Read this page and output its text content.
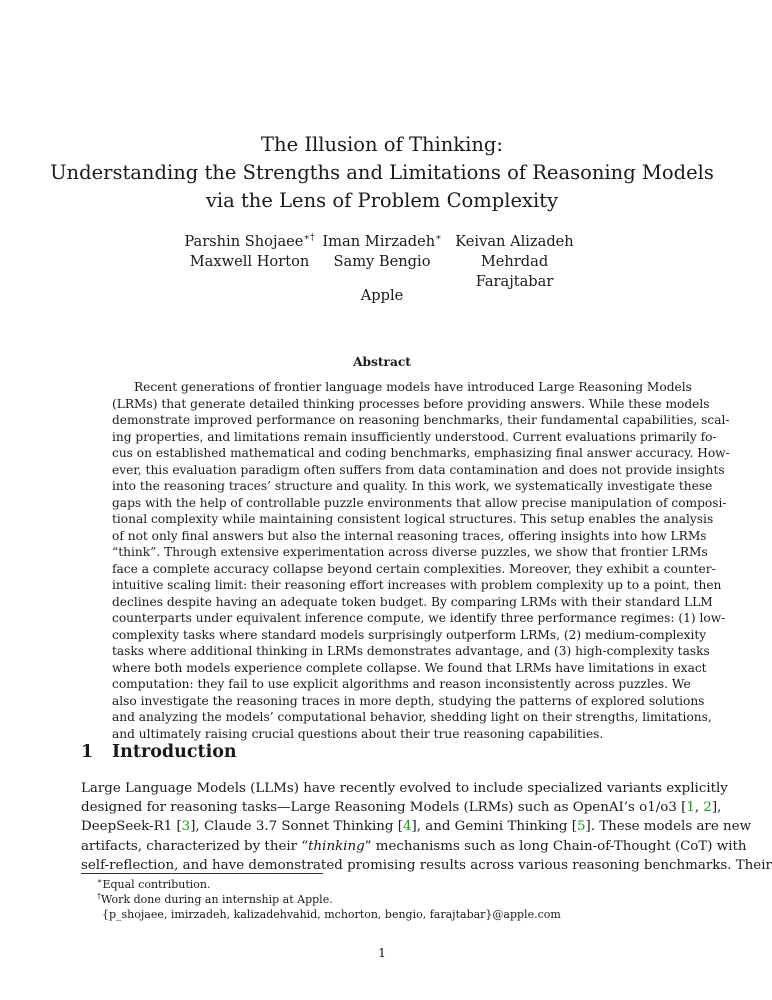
The Illusion of Thinking:
Understanding the Strengths and Limitations of Reasoning Models
via the Lens of Problem Complexity
Parshin Shojaee∗† Iman Mirzadeh∗ Keivan Alizadeh
Maxwell Horton	Samy Bengio	Mehrdad Farajtabar
Apple
Abstract
Recent generations of frontier language models have introduced Large Reasoning Models
(LRMs) that generate detailed thinking processes before providing answers. While these models
demonstrate improved performance on reasoning benchmarks, their fundamental capabilities, scal-
ing properties, and limitations remain insufficiently understood. Current evaluations primarily fo-
cus on established mathematical and coding benchmarks, emphasizing final answer accuracy. How-
ever, this evaluation paradigm often suffers from data contamination and does not provide insights
into the reasoning traces’ structure and quality. In this work, we systematically investigate these
gaps with the help of controllable puzzle environments that allow precise manipulation of composi-
tional complexity while maintaining consistent logical structures. This setup enables the analysis
of not only final answers but also the internal reasoning traces, offering insights into how LRMs
“think”. Through extensive experimentation across diverse puzzles, we show that frontier LRMs
face a complete accuracy collapse beyond certain complexities. Moreover, they exhibit a counter-
intuitive scaling limit: their reasoning effort increases with problem complexity up to a point, then
declines despite having an adequate token budget. By comparing LRMs with their standard LLM
counterparts under equivalent inference compute, we identify three performance regimes: (1) low-
complexity tasks where standard models surprisingly outperform LRMs, (2) medium-complexity
tasks where additional thinking in LRMs demonstrates advantage, and (3) high-complexity tasks
where both models experience complete collapse. We found that LRMs have limitations in exact
computation: they fail to use explicit algorithms and reason inconsistently across puzzles. We
also investigate the reasoning traces in more depth, studying the patterns of explored solutions
and analyzing the models’ computational behavior, shedding light on their strengths, limitations,
and ultimately raising crucial questions about their true reasoning capabilities.
1 Introduction
Large Language Models (LLMs) have recently evolved to include specialized variants explicitly
designed for reasoning tasks—Large Reasoning Models (LRMs) such as OpenAI’s o1/o3 [1, 2],
DeepSeek-R1 [3], Claude 3.7 Sonnet Thinking [4], and Gemini Thinking [5]. These models are new
artifacts, characterized by their “thinking” mechanisms such as long Chain-of-Thought (CoT) with
self-reflection, and have demonstrated promising results across various reasoning benchmarks. Their
∗Equal contribution.
†Work done during an internship at Apple.
{p_shojaee, imirzadeh, kalizadehvahid, mchorton, bengio, farajtabar}@apple.com
1
